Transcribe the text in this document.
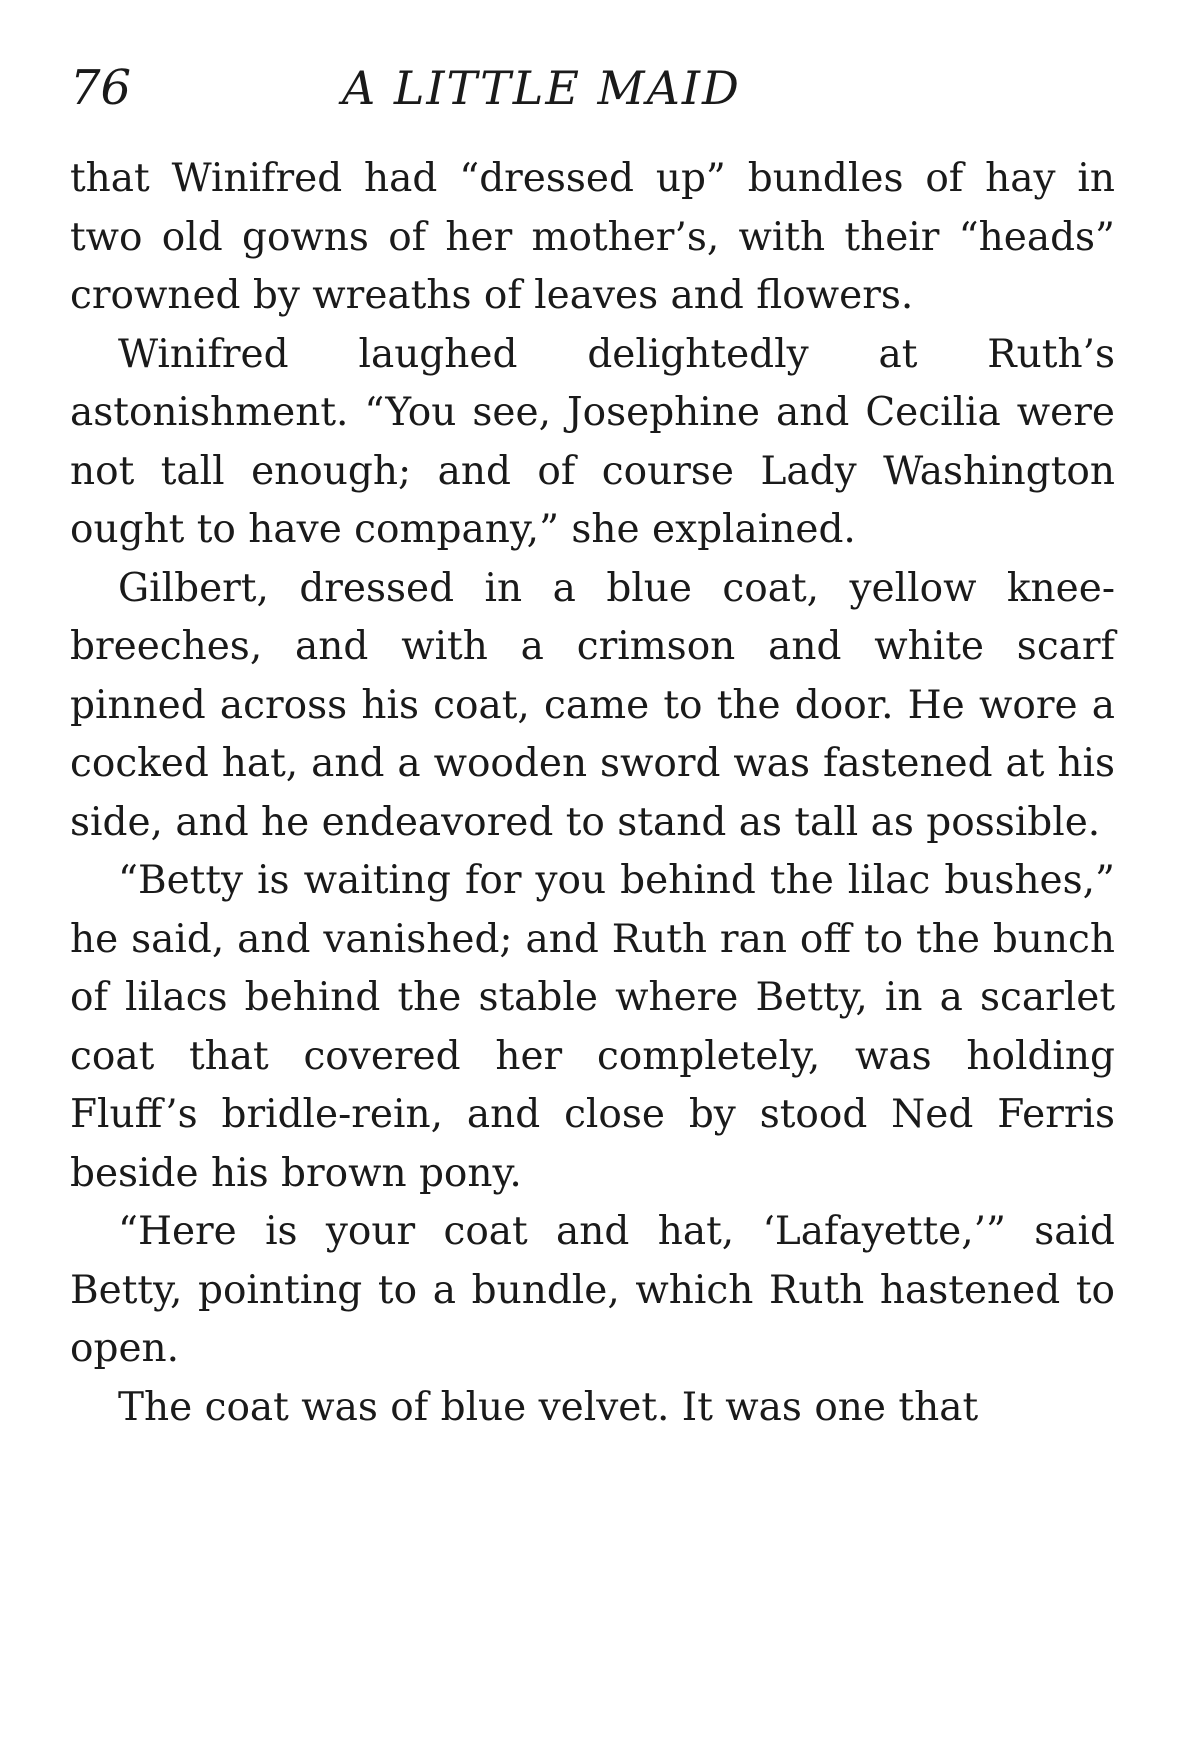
76	A LITTLE MAID

that Winifred had “dressed up” bundles of hay in two old gowns of her mother’s, with their “heads” crowned by wreaths of leaves and flowers.

Winifred laughed delightedly at Ruth’s astonishment. “You see, Josephine and Cecilia were not tall enough; and of course Lady Washington ought to have company,” she explained.

Gilbert, dressed in a blue coat, yellow knee-breeches, and with a crimson and white scarf pinned across his coat, came to the door. He wore a cocked hat, and a wooden sword was fastened at his side, and he endeavored to stand as tall as possible.

“Betty is waiting for you behind the lilac bushes,” he said, and vanished; and Ruth ran off to the bunch of lilacs behind the stable where Betty, in a scarlet coat that covered her completely, was holding Fluff’s bridle-rein, and close by stood Ned Ferris beside his brown pony.

“Here is your coat and hat, ‘Lafayette,’” said Betty, pointing to a bundle, which Ruth hastened to open.

The coat was of blue velvet. It was one that
